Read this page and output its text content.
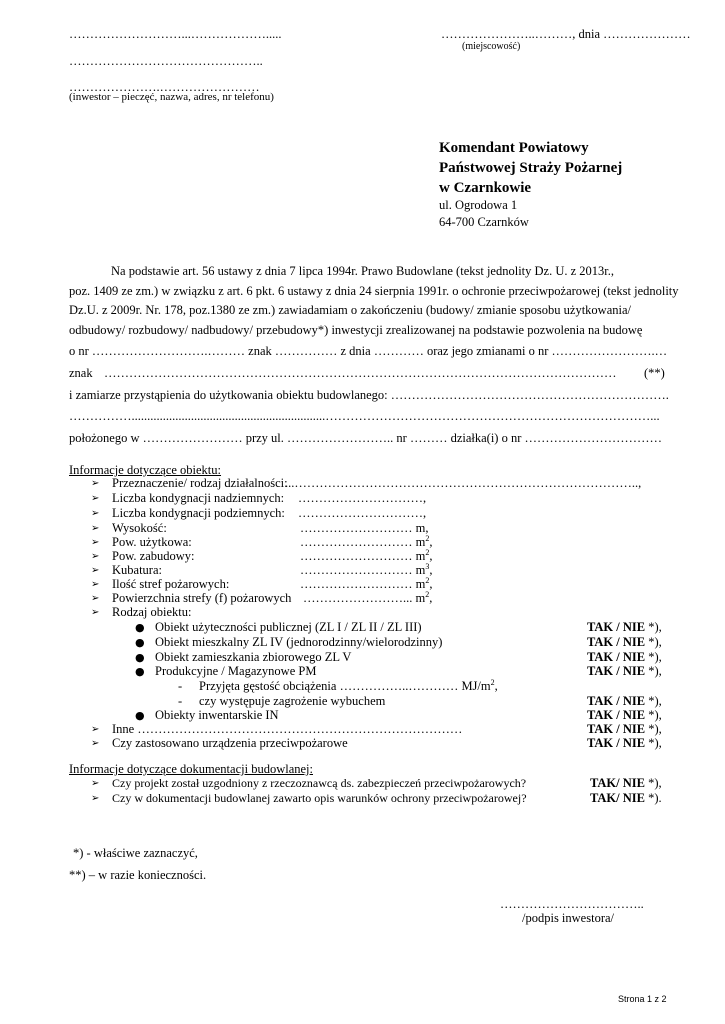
………………………...……………….....
………………………………………..
………………….……………………
(inwestor – pieczęć, nazwa, adres, nr telefonu)
…………………..………, dnia …………………
(miejscowość)
Komendant Powiatowy
Państwowej Straży Pożarnej
w Czarnkowie
ul. Ogrodowa 1
64-700 Czarnków
Na podstawie art. 56 ustawy z dnia 7 lipca 1994r. Prawo Budowlane (tekst jednolity Dz. U. z 2013r.,
poz. 1409 ze zm.) w związku z art. 6 pkt. 6 ustawy z dnia 24 sierpnia 1991r. o ochronie przeciwpożarowej (tekst jednolity
Dz.U. z 2009r. Nr. 178, poz.1380 ze zm.) zawiadamiam o zakończeniu (budowy/ zmianie sposobu użytkowania/
odbudowy/ rozbudowy/ nadbudowy/ przebudowy*) inwestycji zrealizowanej na podstawie pozwolenia na budowę
o nr ……………………….……… znak …………… z dnia ………… oraz jego zmianami o nr …………………….…
znak …………………………………………………………………………………………………………… (**)
i zamiarze przystąpienia do użytkowania obiektu budowlanego: ………………………………………………………….
……………..............................................................……………………………………………………………………...
położonego w …………………… przy ul. …………………….. nr ……… działka(i) o nr ……………………………
Informacje dotyczące obiektu:
➢ Przeznaczenie/ rodzaj działalności:
...………………………………………………………………………..,
➢ Liczba kondygnacji nadziemnych: …………………………,
➢ Liczba kondygnacji podziemnych: …………………………,
➢ Wysokość:	……………………… m,
➢ Pow. użytkowa:	……………………… $m^2$,
➢ Pow. zabudowy:	……………………… $m^2$,
➢ Kubatura:	……………………… $m^3$,
➢ Ilość stref pożarowych:	……………………… $m^2$,
➢ Powierzchnia strefy (f) pożarowych ……………………... $m^2$,
➢ Rodzaj obiektu:
● Obiekt użyteczności publicznej (ZL I / ZL II / ZL III)	TAK / NIE *),
● Obiekt mieszkalny ZL IV (jednorodzinny/wielorodzinny)	TAK / NIE *),
● Obiekt zamieszkania zbiorowego ZL V	TAK / NIE *),
● Produkcyjne / Magazynowe PM	TAK / NIE *),
- Przyjęta gęstość obciążenia ……………..………… $MJ/m^2$,
- czy występuje zagrożenie wybuchem	TAK / NIE *),
● Obiekty inwentarskie IN	TAK / NIE *),
➢ Inne ……………………………………………………………………	TAK / NIE *),
➢ Czy zastosowano urządzenia przeciwpożarowe	TAK / NIE *),
Informacje dotyczące dokumentacji budowlanej:
➢ Czy projekt został uzgodniony z rzeczoznawcą ds. zabezpieczeń przeciwpożarowych?	TAK/ NIE *),
➢ Czy w dokumentacji budowlanej zawarto opis warunków ochrony przeciwpożarowej?	TAK/ NIE *).
*) - właściwe zaznaczyć,
**) – w razie konieczności.
……………………………..
/podpis inwestora/
Strona 1 z 2
